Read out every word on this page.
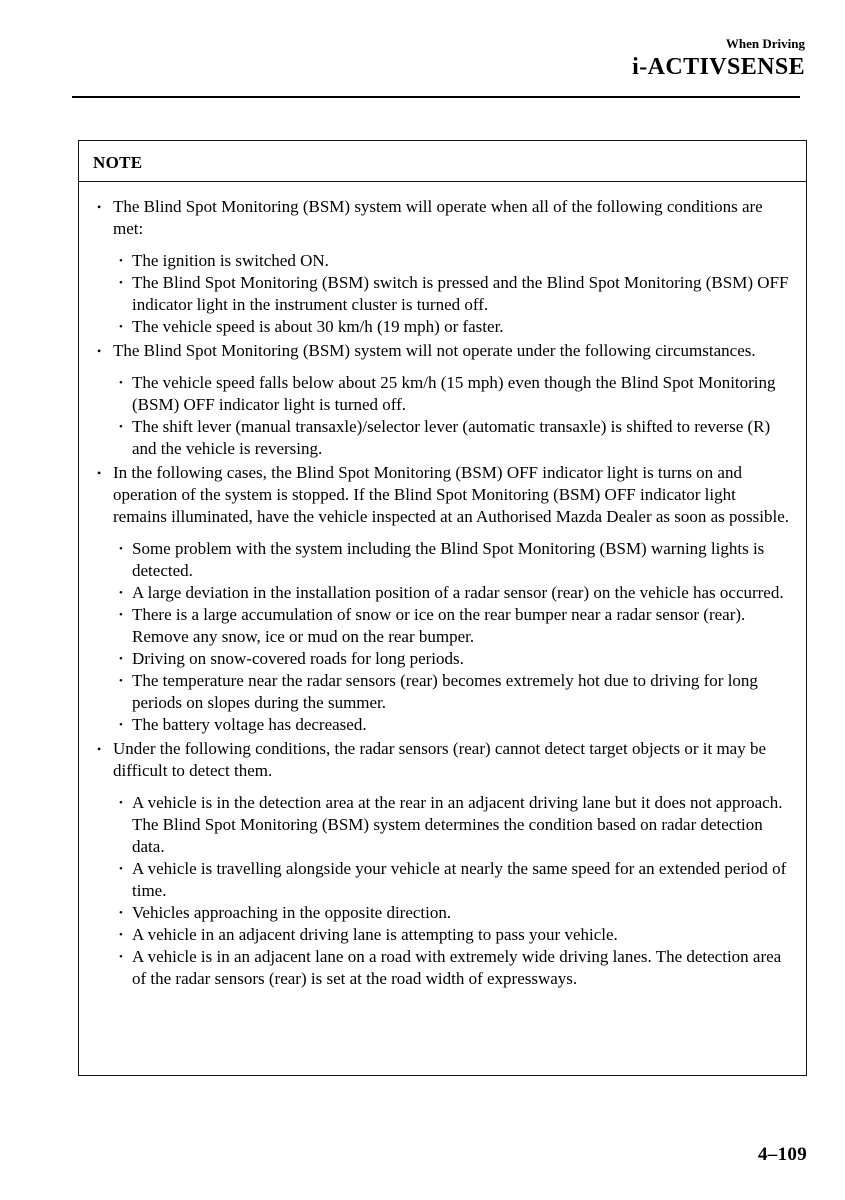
When Driving
i-ACTIVSENSE
NOTE
• The Blind Spot Monitoring (BSM) system will operate when all of the following conditions are met:
• The ignition is switched ON.
• The Blind Spot Monitoring (BSM) switch is pressed and the Blind Spot Monitoring (BSM) OFF indicator light in the instrument cluster is turned off.
• The vehicle speed is about 30 km/h (19 mph) or faster.
• The Blind Spot Monitoring (BSM) system will not operate under the following circumstances.
• The vehicle speed falls below about 25 km/h (15 mph) even though the Blind Spot Monitoring (BSM) OFF indicator light is turned off.
• The shift lever (manual transaxle)/selector lever (automatic transaxle) is shifted to reverse (R) and the vehicle is reversing.
• In the following cases, the Blind Spot Monitoring (BSM) OFF indicator light is turns on and operation of the system is stopped. If the Blind Spot Monitoring (BSM) OFF indicator light remains illuminated, have the vehicle inspected at an Authorised Mazda Dealer as soon as possible.
• Some problem with the system including the Blind Spot Monitoring (BSM) warning lights is detected.
• A large deviation in the installation position of a radar sensor (rear) on the vehicle has occurred.
• There is a large accumulation of snow or ice on the rear bumper near a radar sensor (rear). Remove any snow, ice or mud on the rear bumper.
• Driving on snow-covered roads for long periods.
• The temperature near the radar sensors (rear) becomes extremely hot due to driving for long periods on slopes during the summer.
• The battery voltage has decreased.
• Under the following conditions, the radar sensors (rear) cannot detect target objects or it may be difficult to detect them.
• A vehicle is in the detection area at the rear in an adjacent driving lane but it does not approach. The Blind Spot Monitoring (BSM) system determines the condition based on radar detection data.
• A vehicle is travelling alongside your vehicle at nearly the same speed for an extended period of time.
• Vehicles approaching in the opposite direction.
• A vehicle in an adjacent driving lane is attempting to pass your vehicle.
• A vehicle is in an adjacent lane on a road with extremely wide driving lanes. The detection area of the radar sensors (rear) is set at the road width of expressways.
4–109
